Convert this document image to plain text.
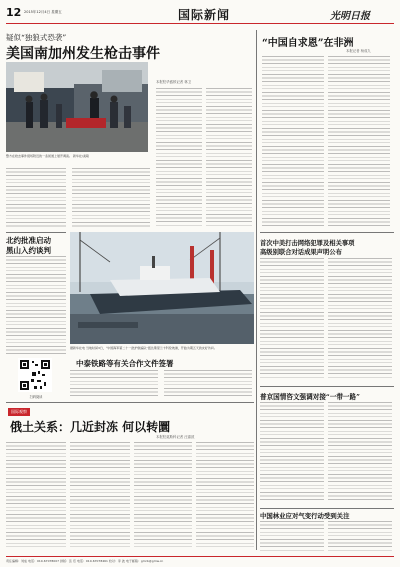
12 2015年12月4日 星期五	国际新闻	光明日报
疑似“独狼式恐袭”
美国南加州发生枪击事件
本报驻华盛顿记者 林卫
警方在枪击事件现场附近的一条街道上展开调查。 新华社/美联
“中国自求恩”在非洲
本报记者 杨成九
北约批准启动
黑山入约谈判
据新华社电 当地时间3日，“中国海军第二十一批护航编队”抵达斯里兰卡科伦坡港，开始为期五天的友好访问。
首次中美打击网络犯罪及相关事项
高级别联合对话成果声明公布
中泰铁路等有关合作文件签署
扫码阅读	普京国情咨文强调对接“一带一路”
国际观察
俄土关系：几近封冻 何以转圜
本报驻莫斯科记者 汪嘉波
中国林业应对气变行动受到关注
责任编辑：刘成 电话：010-67078007 排版：张 珏 电话：010-67078461 校对：李 波 电子邮箱：gmrb@gmw.cn
